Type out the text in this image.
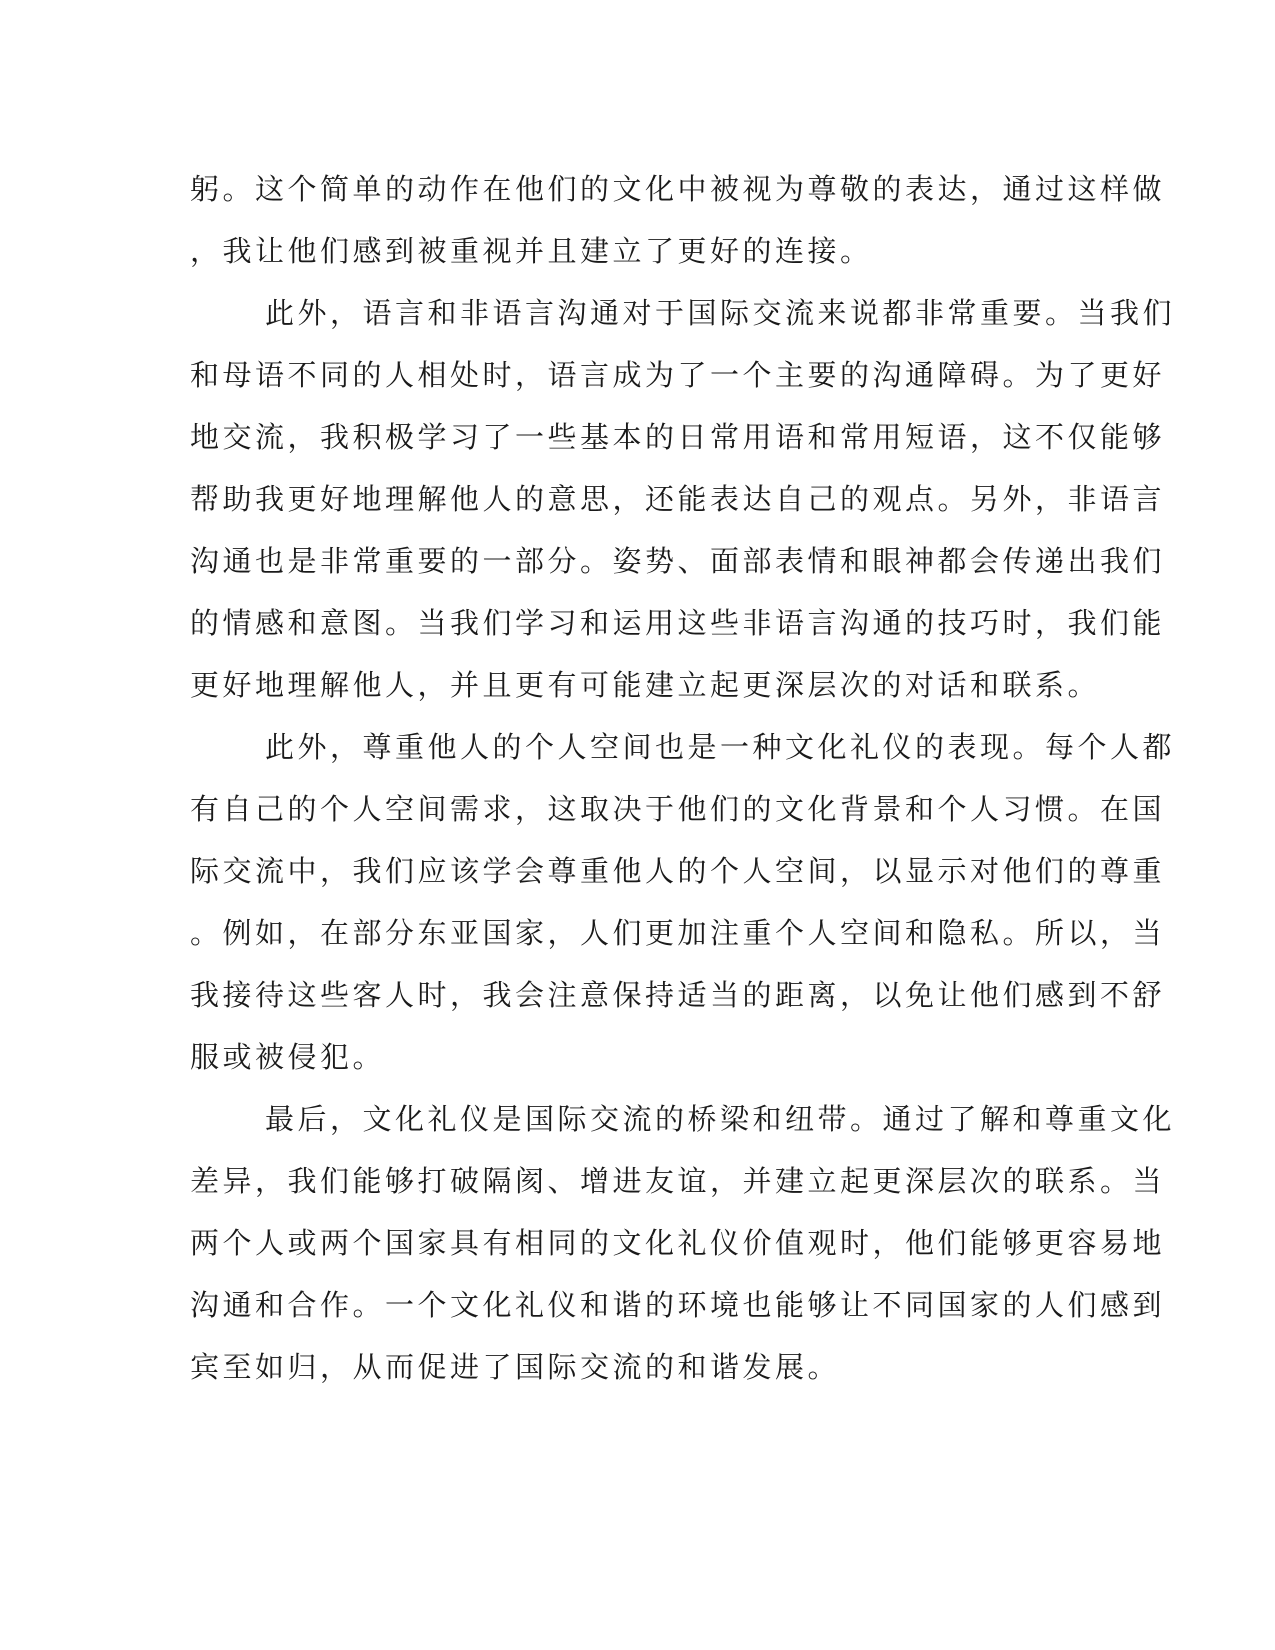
躬。这个简单的动作在他们的文化中被视为尊敬的表达，通过这样做
，我让他们感到被重视并且建立了更好的连接。
此外，语言和非语言沟通对于国际交流来说都非常重要。当我们
和母语不同的人相处时，语言成为了一个主要的沟通障碍。为了更好
地交流，我积极学习了一些基本的日常用语和常用短语，这不仅能够
帮助我更好地理解他人的意思，还能表达自己的观点。另外，非语言
沟通也是非常重要的一部分。姿势、面部表情和眼神都会传递出我们
的情感和意图。当我们学习和运用这些非语言沟通的技巧时，我们能
更好地理解他人，并且更有可能建立起更深层次的对话和联系。
此外，尊重他人的个人空间也是一种文化礼仪的表现。每个人都
有自己的个人空间需求，这取决于他们的文化背景和个人习惯。在国
际交流中，我们应该学会尊重他人的个人空间，以显示对他们的尊重
。例如，在部分东亚国家，人们更加注重个人空间和隐私。所以，当
我接待这些客人时，我会注意保持适当的距离，以免让他们感到不舒
服或被侵犯。
最后，文化礼仪是国际交流的桥梁和纽带。通过了解和尊重文化
差异，我们能够打破隔阂、增进友谊，并建立起更深层次的联系。当
两个人或两个国家具有相同的文化礼仪价值观时，他们能够更容易地
沟通和合作。一个文化礼仪和谐的环境也能够让不同国家的人们感到
宾至如归，从而促进了国际交流的和谐发展。
